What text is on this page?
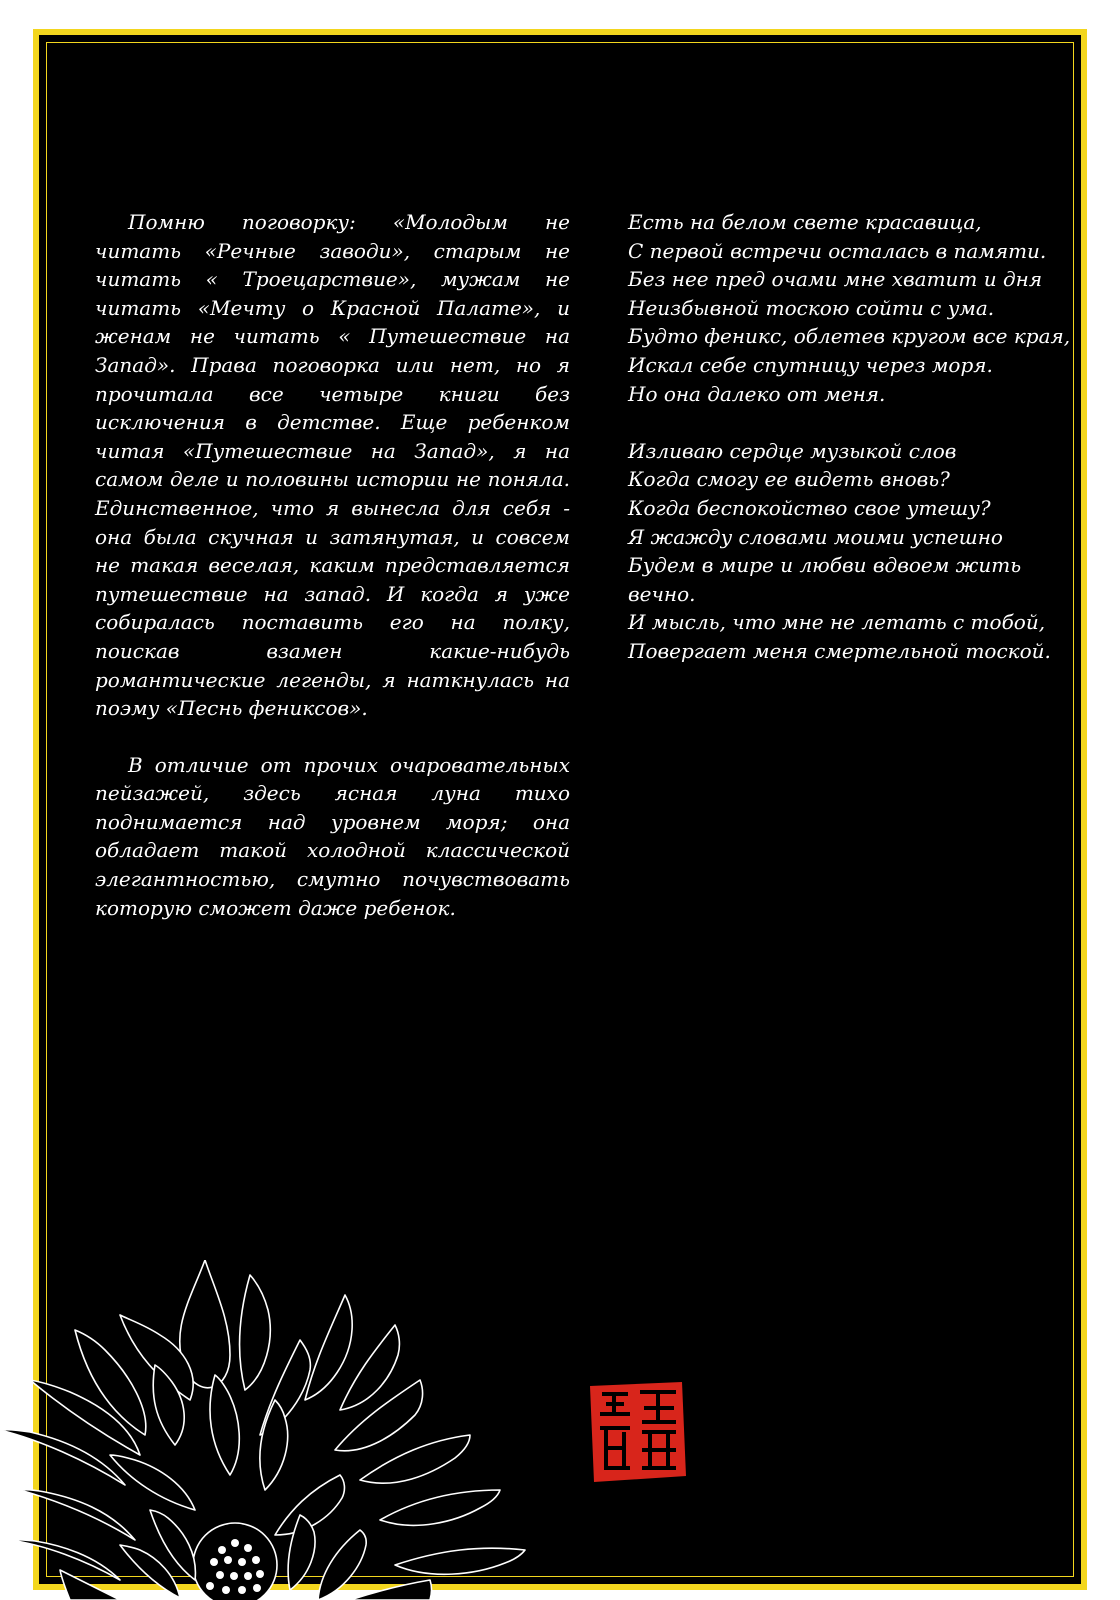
Помню поговорку: «Молодым не читать «Речные заводи», старым не читать « Троецарствие», мужам не читать «Мечту о Красной Палате», и женам не читать « Путешествие на Запад». Права поговорка или нет, но я прочитала все четыре книги без исключения в детстве. Еще ребенком читая «Путешествие на Запад», я на самом деле и половины истории не поняла. Единственное, что я вынесла для себя - она была скучная и затянутая, и совсем не такая веселая, каким представляется путешествие на запад. И когда я уже собиралась поставить его на полку, поискав взамен какие-нибудь романтические легенды, я наткнулась на поэму «Песнь фениксов».

В отличие от прочих очаровательных пейзажей, здесь ясная луна тихо поднимается над уровнем моря; она обладает такой холодной классической элегантностью, смутно почувствовать которую сможет даже ребенок.

Есть на белом свете красавица,
С первой встречи осталась в памяти.
Без нее пред очами мне хватит и дня
Неизбывной тоскою сойти с ума.
Будто феникс, облетев кругом все края,
Искал себе спутницу через моря.
Но она далеко от меня.
Изливаю сердце музыкой слов
Когда смогу ее видеть вновь?
Когда беспокойство свое утешу?
Я жажду словами моими успешно
Будем в мире и любви вдвоем жить
вечно.
И мысль, что мне не летать с тобой,
Повергает меня смертельной тоской.
